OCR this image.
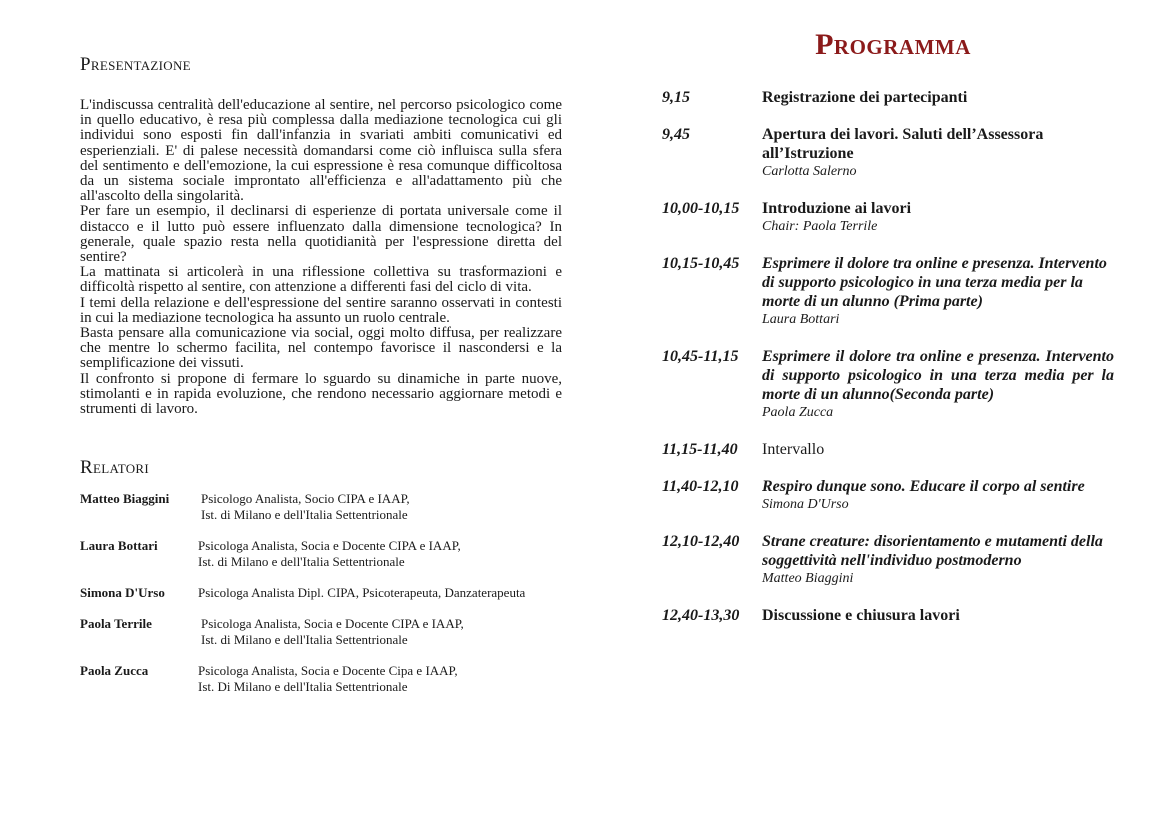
Presentazione

L'indiscussa centralità dell'educazione al sentire, nel percorso psicologico come in quello educativo, è resa più complessa dalla mediazione tecnologica cui gli individui sono esposti fin dall'infanzia in svariati ambiti comunicativi ed esperienziali. E' di palese necessità domandarsi come ciò influisca sulla sfera del sentimento e dell'emozione, la cui espressione è resa comunque difficoltosa da un sistema sociale improntato all'efficienza e all'adattamento più che all'ascolto della singolarità.

Per fare un esempio, il declinarsi di esperienze di portata universale come il distacco e il lutto può essere influenzato dalla dimensione tecnologica? In generale, quale spazio resta nella quotidianità per l'espressione diretta del sentire?

La mattinata si articolerà in una riflessione collettiva su trasformazioni e difficoltà rispetto al sentire, con attenzione a differenti fasi del ciclo di vita.

I temi della relazione e dell'espressione del sentire saranno osservati in contesti in cui la mediazione tecnologica ha assunto un ruolo centrale.

Basta pensare alla comunicazione via social, oggi molto diffusa, per realizzare che mentre lo schermo facilita, nel contempo favorisce il nascondersi e la semplificazione dei vissuti.

Il confronto si propone di fermare lo sguardo su dinamiche in parte nuove, stimolanti e in rapida evoluzione, che rendono necessario aggiornare metodi e strumenti di lavoro.

Relatori
Matteo Biaggini	Psicologo Analista, Socio CIPA e IAAP,
Ist. di Milano e dell'Italia Settentrionale
Laura Bottari	Psicologa Analista, Socia e Docente CIPA e IAAP,
Ist. di Milano e dell'Italia Settentrionale
Simona D'Urso	Psicologa Analista Dipl. CIPA, Psicoterapeuta, Danzaterapeuta
Paola Terrile	Psicologa Analista, Socia e Docente CIPA e IAAP,
Ist. di Milano e dell'Italia Settentrionale
Paola Zucca	Psicologa Analista, Socia e Docente Cipa e IAAP,
Ist. Di Milano e dell'Italia Settentrionale
Programma
9,15	Registrazione dei partecipanti
9,45	Apertura dei lavori. Saluti dell’Assessora all’Istruzione
Carlotta Salerno
10,00-10,15	Introduzione ai lavori
Chair: Paola Terrile
10,15-10,45	Esprimere il dolore tra online e presenza. Intervento di supporto psicologico in una terza media per la morte di un alunno (Prima parte)
Laura Bottari
10,45-11,15	Esprimere il dolore tra online e presenza. Intervento di supporto psicologico in una terza media per la morte di un alunno(Seconda parte)
Paola Zucca
11,15-11,40	Intervallo
11,40-12,10	Respiro dunque sono. Educare il corpo al sentire
Simona D'Urso
12,10-12,40	Strane creature: disorientamento e mutamenti della soggettività nell'individuo postmoderno
Matteo Biaggini
12,40-13,30	Discussione e chiusura lavori
